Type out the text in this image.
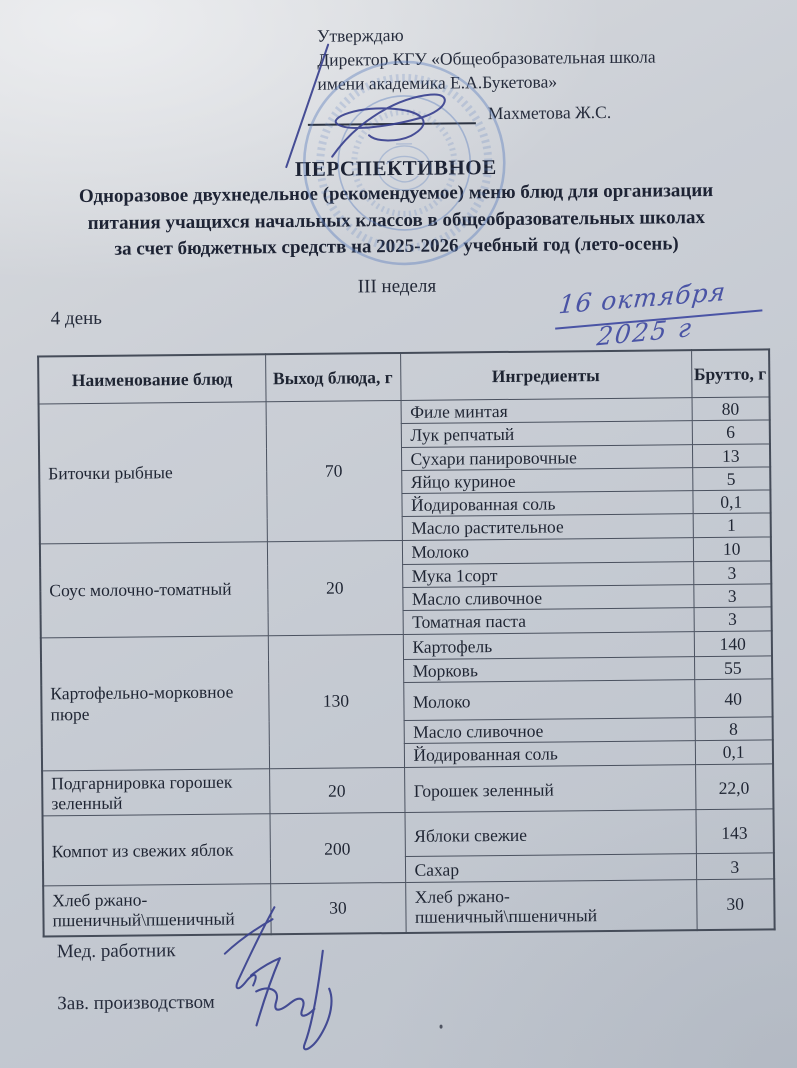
Утверждаю
Директор КГУ «Общеобразовательная школа
имени академика Е.А.Букетова»
Махметова Ж.С.
ПЕРСПЕКТИВНОЕ
Одноразовое двухнедельное (рекомендуемое) меню блюд для организации
питания учащихся начальных классов в общеобразовательных школах
за счет бюджетных средств на 2025-2026 учебный год (лето-осень)
III неделя
4 день	16 октября
2025 г
Наименование блюд	Выход блюда, г	Ингредиенты	Брутто, г
Биточки рыбные	70	Филе минтая	80
		Лук репчатый	6
		Сухари панировочные	13
		Яйцо куриное	5
		Йодированная соль	0,1
		Масло растительное	1
Соус молочно-томатный	20	Молоко	10
		Мука 1сорт	3
		Масло сливочное	3
		Томатная паста	3
Картофельно-морковное пюре	130	Картофель	140
		Морковь	55
		Молоко	40
		Масло сливочное	8
		Йодированная соль	0,1
Подгарнировка горошек зеленный	20	Горошек зеленный	22,0
Компот из свежих яблок	200	Яблоки свежие	143
		Сахар	3
Хлеб ржано-пшеничный\пшеничный	30	Хлеб ржано-пшеничный\пшеничный	30
Мед. работник
Зав. производством
